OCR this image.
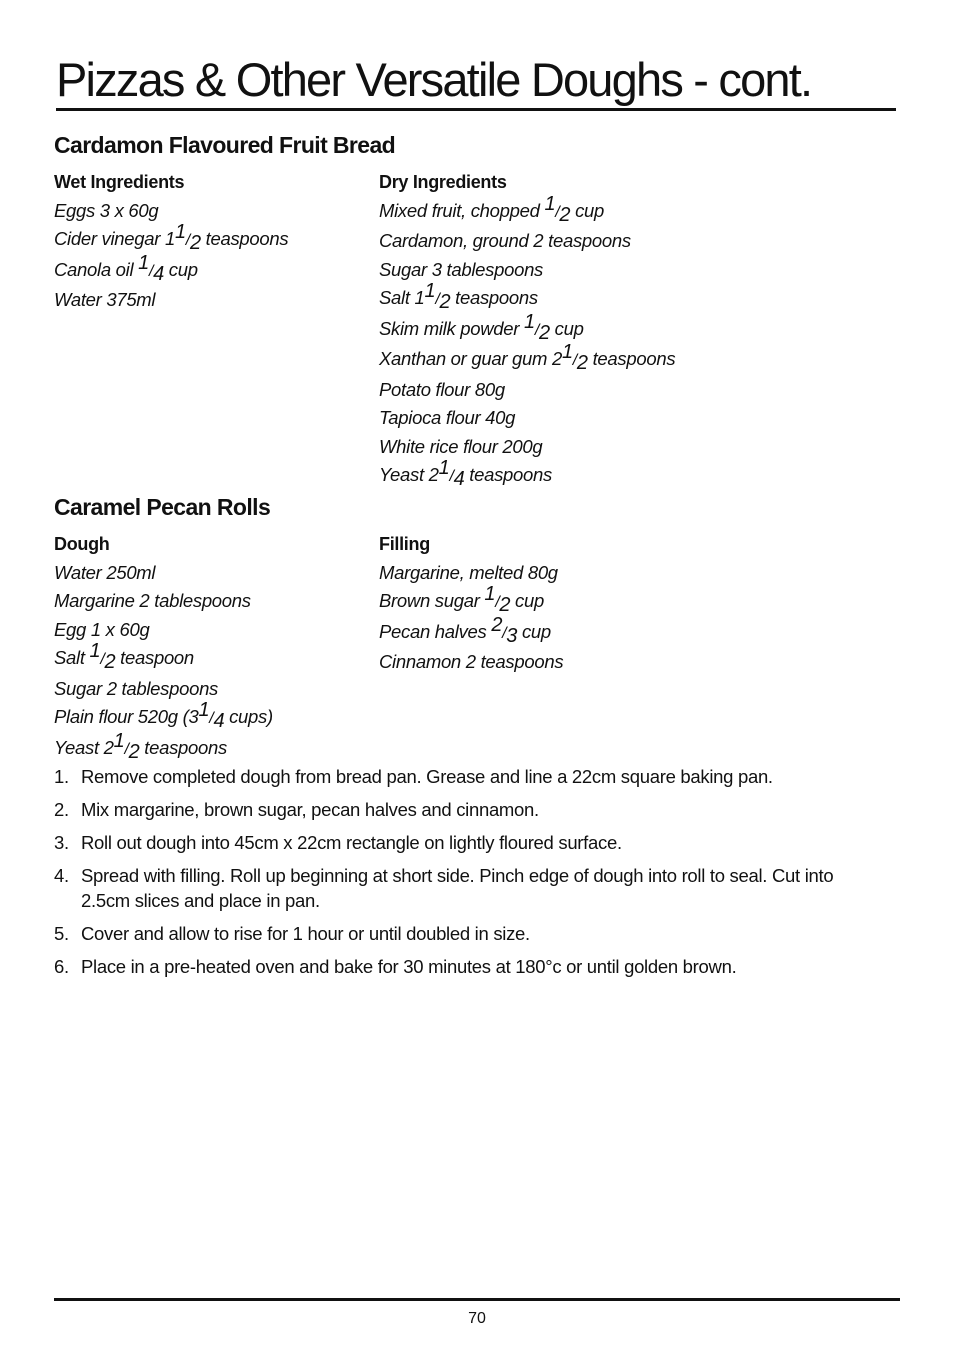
Pizzas & Other Versatile Doughs - cont.
Cardamon Flavoured Fruit Bread
Wet Ingredients
Eggs 3 x 60g
Cider vinegar 11/2 teaspoons
Canola oil 1/4 cup
Water 375ml
Dry Ingredients
Mixed fruit, chopped 1/2 cup
Cardamon, ground 2 teaspoons
Sugar 3 tablespoons
Salt 11/2 teaspoons
Skim milk powder 1/2 cup
Xanthan or guar gum 21/2 teaspoons
Potato flour 80g
Tapioca flour 40g
White rice flour 200g
Yeast 21/4 teaspoons
Caramel Pecan Rolls
Dough
Water 250ml
Margarine 2 tablespoons
Egg 1 x 60g
Salt 1/2 teaspoon
Sugar 2 tablespoons
Plain flour 520g (31/4 cups)
Yeast 21/2 teaspoons
Filling
Margarine, melted 80g
Brown sugar 1/2 cup
Pecan halves 2/3 cup
Cinnamon 2 teaspoons
1. Remove completed dough from bread pan. Grease and line a 22cm square baking pan.
2. Mix margarine, brown sugar, pecan halves and cinnamon.
3. Roll out dough into 45cm x 22cm rectangle on lightly floured surface.
4. Spread with filling. Roll up beginning at short side. Pinch edge of dough into roll to seal. Cut into 2.5cm slices and place in pan.
5. Cover and allow to rise for 1 hour or until doubled in size.
6. Place in a pre-heated oven and bake for 30 minutes at 180°c or until golden brown.
70
